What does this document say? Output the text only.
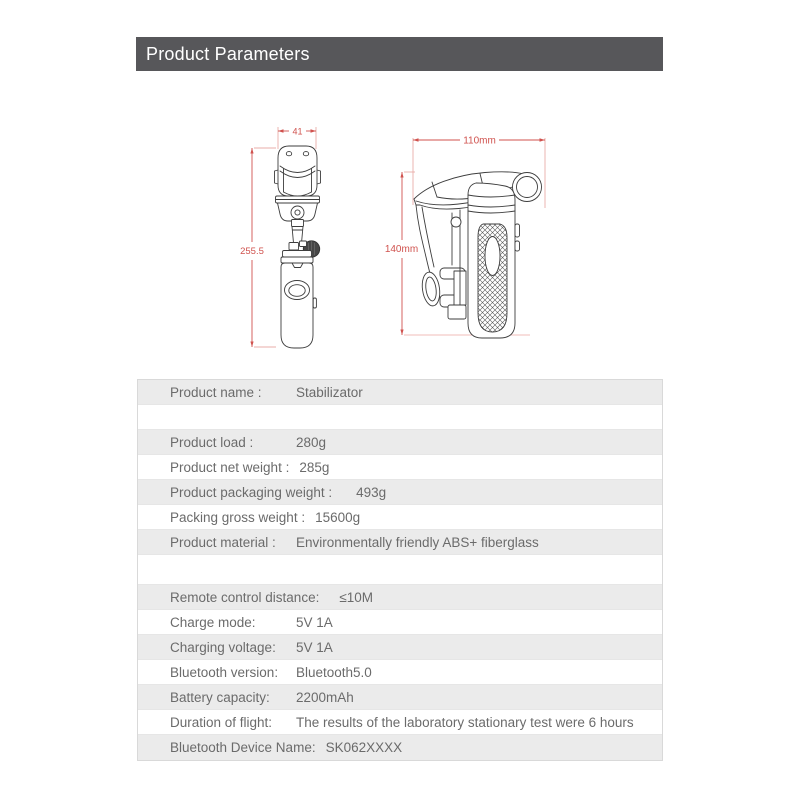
Product Parameters
255.5
41
110mm
140mm
Product name :	Stabilizator
Product load :	280g
Product net weight : 285g
Product packaging weight :	493g
Packing gross weight : 15600g
Product material :	Environmentally friendly ABS+ fiberglass
Remote control distance:	≤10M
Charge mode:	5V 1A
Charging voltage:	5V 1A
Bluetooth version:	Bluetooth5.0
Battery capacity:	2200mAh
Duration of flight:	The results of the laboratory stationary test were 6 hours
Bluetooth Device Name: SK062XXXX
